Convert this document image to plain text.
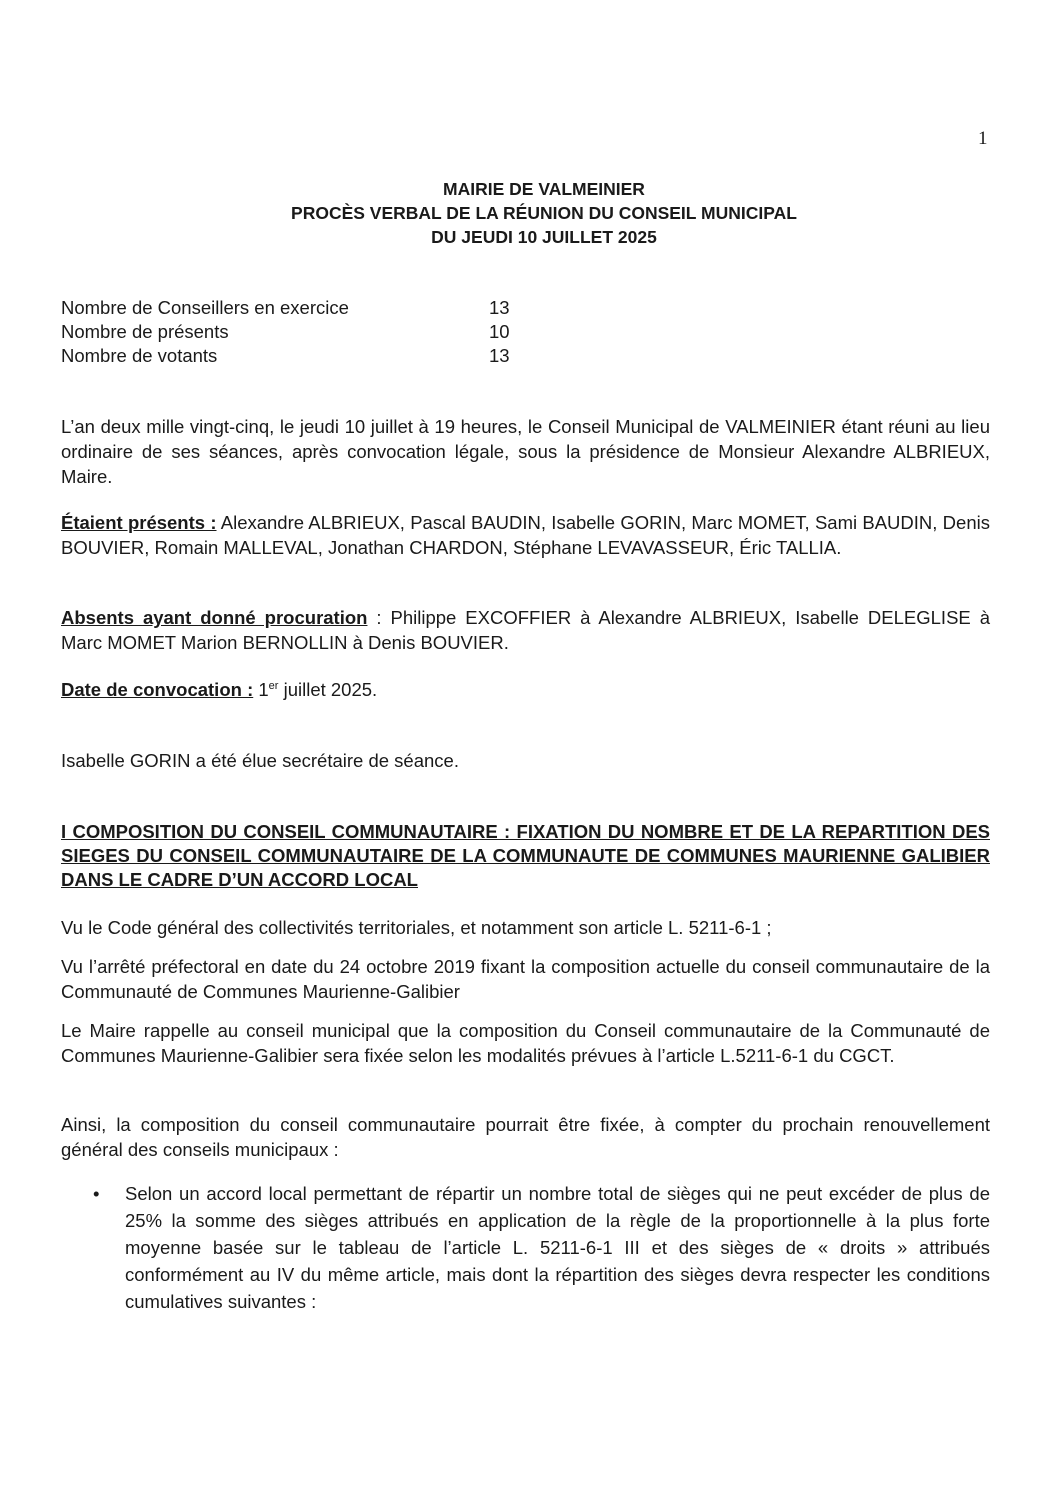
1
MAIRIE DE VALMEINIER
PROCÈS VERBAL DE LA RÉUNION DU CONSEIL MUNICIPAL
DU JEUDI 10 JUILLET 2025
Nombre de Conseillers en exercice	13
Nombre de présents	10
Nombre de votants	13
L’an deux mille vingt-cinq, le jeudi 10 juillet à 19 heures, le Conseil Municipal de VALMEINIER étant réuni au lieu ordinaire de ses séances, après convocation légale, sous la présidence de Monsieur Alexandre ALBRIEUX, Maire.
Étaient présents : Alexandre ALBRIEUX, Pascal BAUDIN, Isabelle GORIN, Marc MOMET, Sami BAUDIN, Denis BOUVIER, Romain MALLEVAL, Jonathan CHARDON, Stéphane LEVAVASSEUR, Éric TALLIA.
Absents ayant donné procuration : Philippe EXCOFFIER à Alexandre ALBRIEUX, Isabelle DELEGLISE à Marc MOMET Marion BERNOLLIN à Denis BOUVIER.
Date de convocation : 1er juillet 2025.
Isabelle GORIN a été élue secrétaire de séance.
I COMPOSITION DU CONSEIL COMMUNAUTAIRE : FIXATION DU NOMBRE ET DE LA REPARTITION DES SIEGES DU CONSEIL COMMUNAUTAIRE DE LA COMMUNAUTE DE COMMUNES MAURIENNE GALIBIER DANS LE CADRE D’UN ACCORD LOCAL
Vu le Code général des collectivités territoriales, et notamment son article L. 5211-6-1 ;
Vu l’arrêté préfectoral en date du 24 octobre 2019 fixant la composition actuelle du conseil communautaire de la Communauté de Communes Maurienne-Galibier
Le Maire rappelle au conseil municipal que la composition du Conseil communautaire de la Communauté de Communes Maurienne-Galibier sera fixée selon les modalités prévues à l’article L.5211-6-1 du CGCT.
Ainsi, la composition du conseil communautaire pourrait être fixée, à compter du prochain renouvellement général des conseils municipaux :
• Selon un accord local permettant de répartir un nombre total de sièges qui ne peut excéder de plus de 25% la somme des sièges attribués en application de la règle de la proportionnelle à la plus forte moyenne basée sur le tableau de l’article L. 5211-6-1 III et des sièges de « droits » attribués conformément au IV du même article, mais dont la répartition des sièges devra respecter les conditions cumulatives suivantes :
